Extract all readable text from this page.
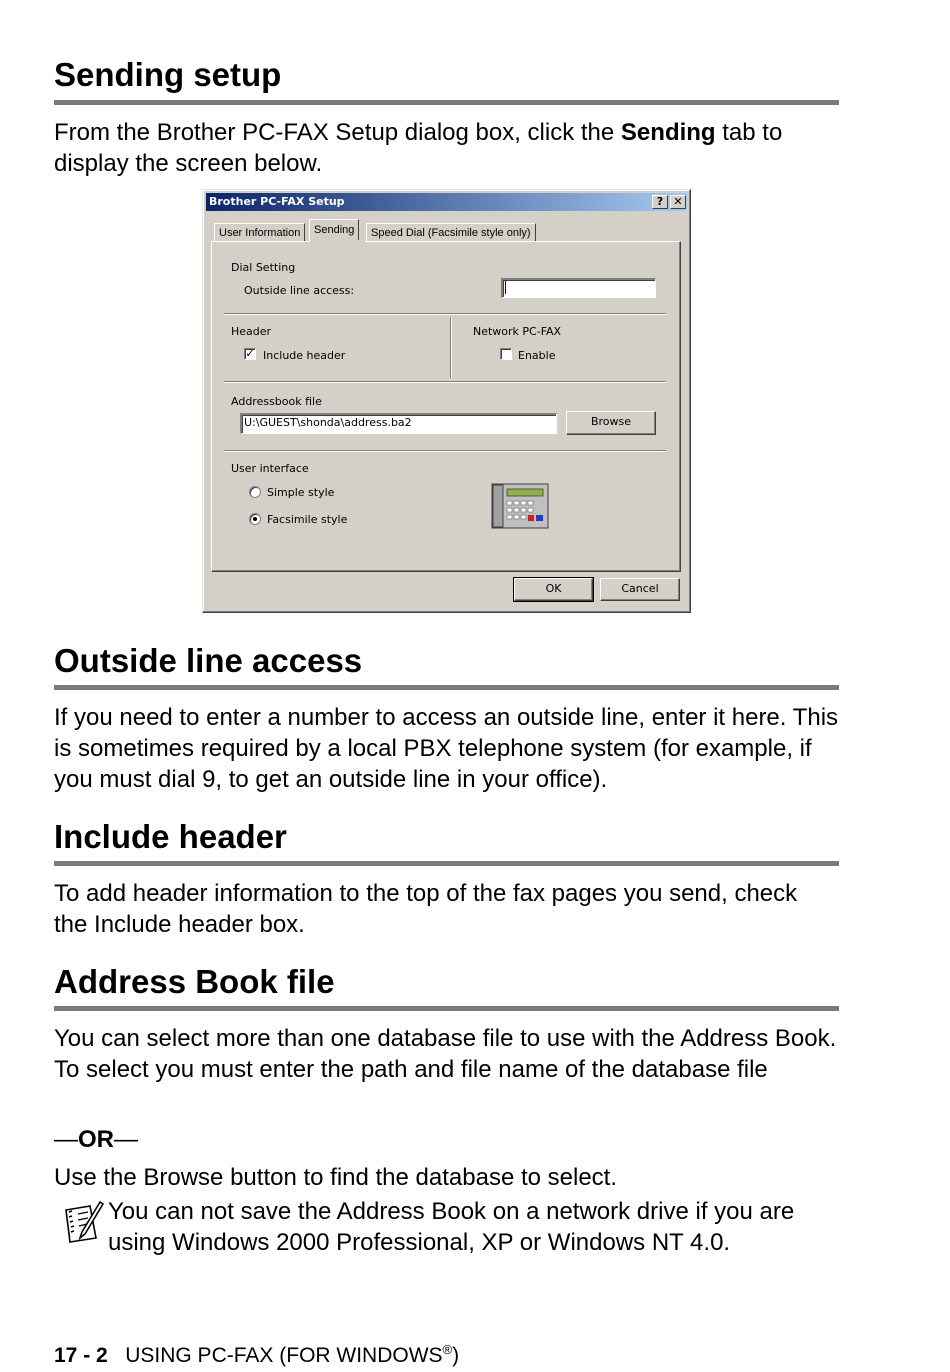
Sending setup

From the Brother PC-FAX Setup dialog box, click the Sending tab to display the screen below.

Brother PC-FAX Setup	? ✕
User Information	Sending	Speed Dial (Facsimile style only)
Dial Setting
Outside line access:
Header
✓ Include header
Network PC-FAX
Enable
Addressbook file
U:\GUEST\shonda\address.ba2	Browse
User interface
Simple style
Facsimile style
OK	Cancel
Outside line access

If you need to enter a number to access an outside line, enter it here. This is sometimes required by a local PBX telephone system (for example, if you must dial 9, to get an outside line in your office).

Include header

To add header information to the top of the fax pages you send, check the Include header box.

Address Book file

You can select more than one database file to use with the Address Book. To select you must enter the path and file name of the database file

—OR—

Use the Browse button to find the database to select.

You can not save the Address Book on a network drive if you are using Windows 2000 Professional, XP or Windows NT 4.0.

17 - 2 USING PC-FAX (FOR WINDOWS®)
